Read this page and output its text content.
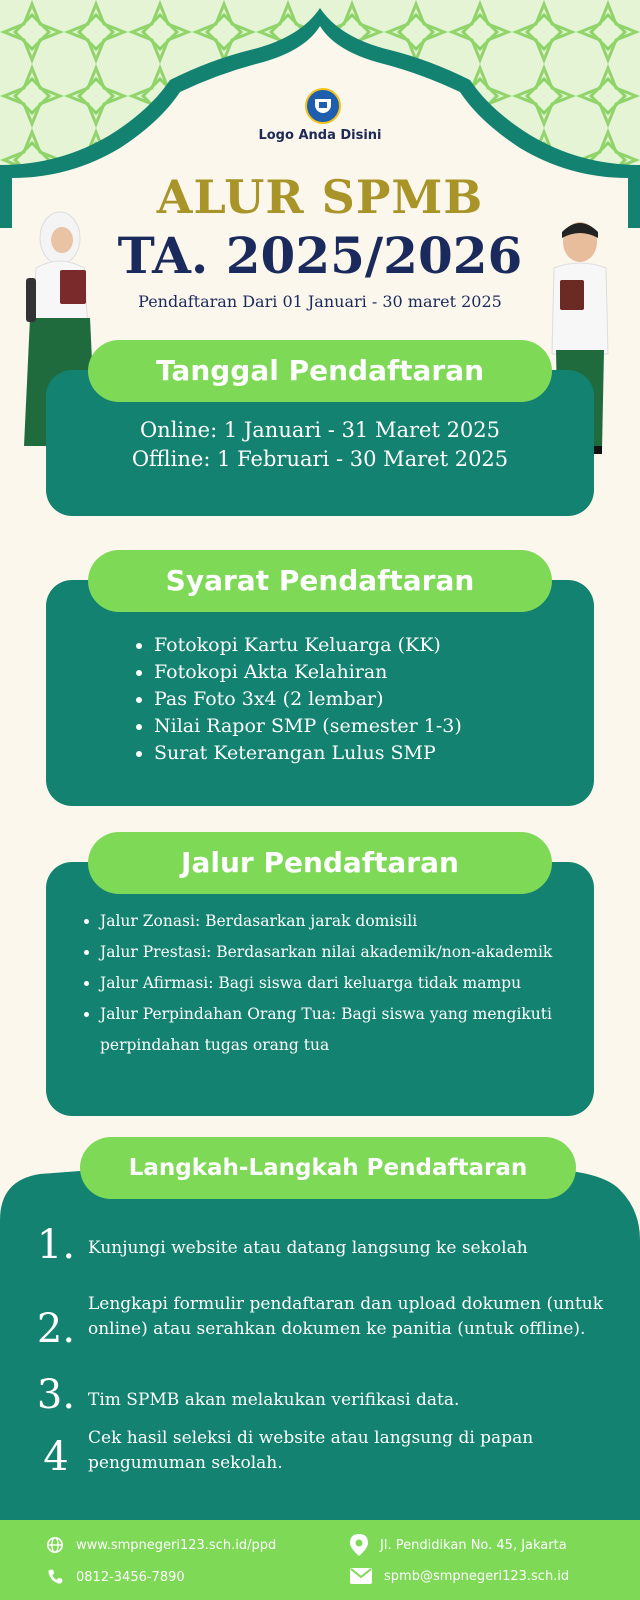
Logo Anda Disini
ALUR SPMB
TA. 2025/2026
Pendaftaran Dari 01 Januari - 30 maret 2025
Online: 1 Januari - 31 Maret 2025
Offline: 1 Februari - 30 Maret 2025
Tanggal Pendaftaran
• Fotokopi Kartu Keluarga (KK)
• Fotokopi Akta Kelahiran
• Pas Foto 3x4 (2 lembar)
• Nilai Rapor SMP (semester 1-3)
• Surat Keterangan Lulus SMP
Syarat Pendaftaran
• Jalur Zonasi: Berdasarkan jarak domisili
• Jalur Prestasi: Berdasarkan nilai akademik/non-akademik
• Jalur Afirmasi: Bagi siswa dari keluarga tidak mampu
• Jalur Perpindahan Orang Tua: Bagi siswa yang mengikuti perpindahan tugas orang tua
Jalur Pendaftaran
Langkah-Langkah Pendaftaran
1. Kunjungi website atau datang langsung ke sekolah
2.
Lengkapi formulir pendaftaran dan upload dokumen (untuk online) atau serahkan dokumen ke panitia (untuk offline).
3. Tim SPMB akan melakukan verifikasi data.
4	Cek hasil seleksi di website atau langsung di papan pengumuman sekolah.
www.smpnegeri123.sch.id/ppd
0812-3456-7890
Jl. Pendidikan No. 45, Jakarta
spmb@smpnegeri123.sch.id
